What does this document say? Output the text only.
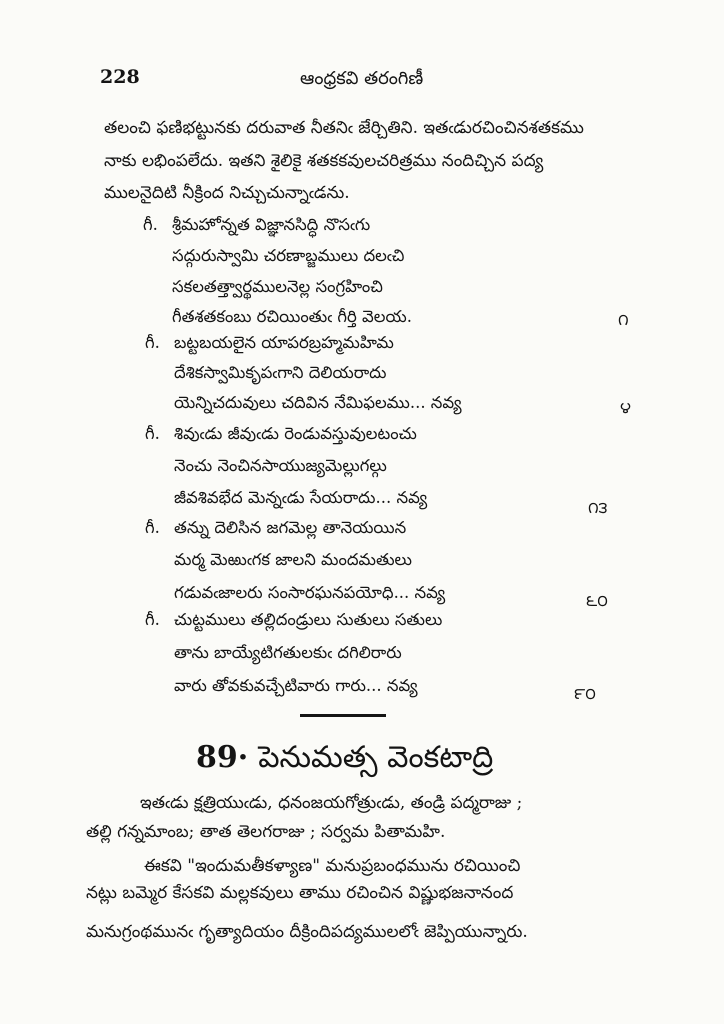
228	ఆంధ్రకవి తరంగిణీ
తలంచి ఫణిభట్టునకు దరువాత నీతనిఁ జేర్చితిని. ఇతఁడురచించినశతకము
నాకు లభింపలేదు. ఇతని శైలికై శతకకవులచరిత్రము నందిచ్చిన పద్య
ములనైదిటి నీక్రింద నిచ్చుచున్నాఁడను.
గీ. శ్రీమహోన్నత విజ్ఞానసిద్ధి నొసఁగు
సద్గురుస్వామి చరణాబ్జములు దలఁచి
సకలతత్త్వార్థములనెల్ల సంగ్రహించి
గీతశతకంబు రచియింతుఁ గీర్తి వెలయ.	౧
గీ. బట్టబయలైన యాపరబ్రహ్మమహిమ
దేశికస్వామికృపఁగాని దెలియరాదు
యెన్నిచదువులు చదివిన నేమిఫలము... నవ్య	౪
గీ. శివుఁడు జీవుఁడు రెండువస్తువులటంచు
నెంచు నెంచినసాయుజ్యమెల్లుగల్గు
జీవశివభేద మెన్నఁడు సేయరాదు... నవ్య
౧౩
గీ. తన్ను దెలిసిన జగమెల్ల తానెయయిన
మర్మ మెఱుఁగక జాలని మందమతులు
గడువఁజాలరు సంసారఘనపయోధి... నవ్య	౬౦
గీ. చుట్టములు తల్లిదండ్రులు సుతులు సతులు
తాను బాయ్యేటిగతులకుఁ దగిలిరారు
వారు తోవకువచ్చేటివారు గారు... నవ్య	౯౦
89· పెనుమత్స వెంకటాద్రి
ఇతఁడు క్షత్రియుఁడు, ధనంజయగోత్రుఁడు, తండ్రి పద్మరాజు ;
తల్లి గన్నమాంబ; తాత తెలగరాజు ; సర్వమ పితామహి.
ఈకవి "ఇందుమతీకళ్యాణ" మనుప్రబంధమును రచియించి
నట్లు బమ్మెర కేసకవి మల్లకవులు తాము రచించిన విష్ణుభజనానంద
మనుగ్రంథమునఁ గృత్యాదియం దీక్రిందిపద్యములలోఁ జెప్పియున్నారు.
